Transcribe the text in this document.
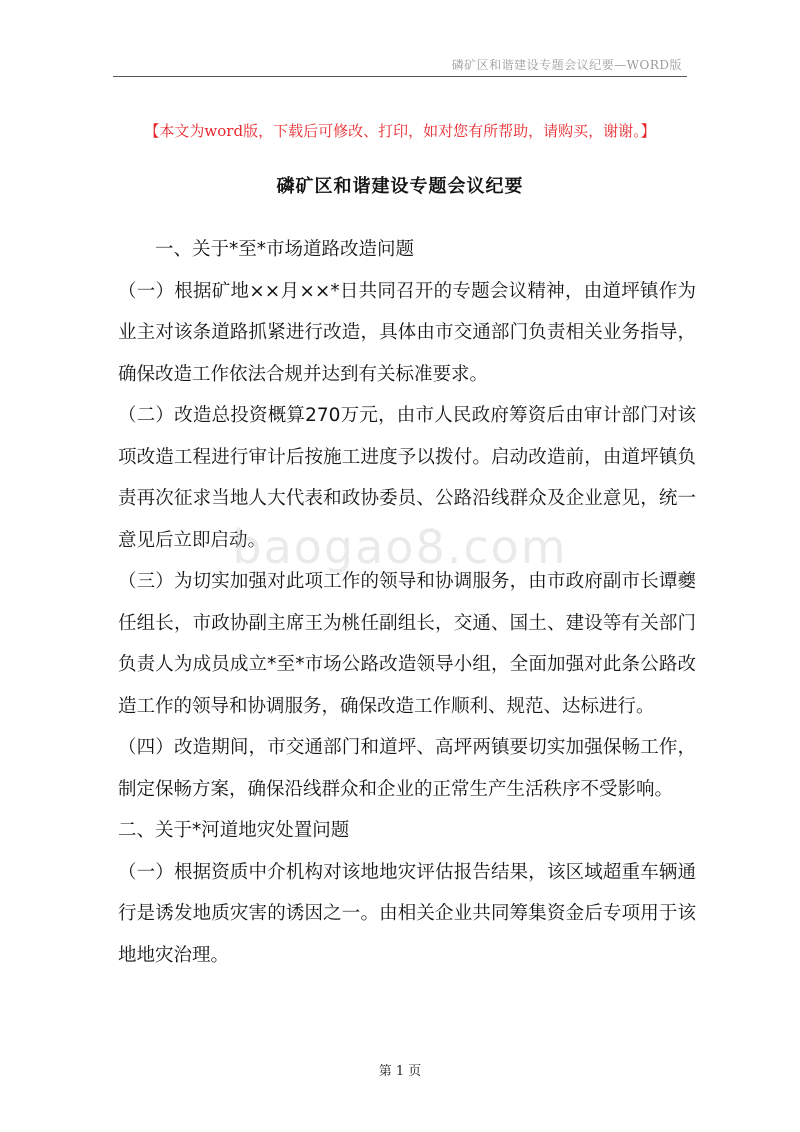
磷矿区和谐建设专题会议纪要—WORD版
【本文为word版，下载后可修改、打印，如对您有所帮助，请购买，谢谢。】
磷矿区和谐建设专题会议纪要

一、关于*至*市场道路改造问题

（一）根据矿地××月××*日共同召开的专题会议精神，由道坪镇作为业主对该条道路抓紧进行改造，具体由市交通部门负责相关业务指导，确保改造工作依法合规并达到有关标准要求。

（二）改造总投资概算270万元，由市人民政府筹资后由审计部门对该项改造工程进行审计后按施工进度予以拨付。启动改造前，由道坪镇负责再次征求当地人大代表和政协委员、公路沿线群众及企业意见，统一意见后立即启动。

（三）为切实加强对此项工作的领导和协调服务，由市政府副市长谭夔任组长，市政协副主席王为桃任副组长，交通、国土、建设等有关部门负责人为成员成立*至*市场公路改造领导小组，全面加强对此条公路改造工作的领导和协调服务，确保改造工作顺利、规范、达标进行。

（四）改造期间，市交通部门和道坪、高坪两镇要切实加强保畅工作，制定保畅方案，确保沿线群众和企业的正常生产生活秩序不受影响。

二、关于*河道地灾处置问题

（一）根据资质中介机构对该地地灾评估报告结果，该区域超重车辆通行是诱发地质灾害的诱因之一。由相关企业共同筹集资金后专项用于该地地灾治理。

baogao8.com
第 1 页
